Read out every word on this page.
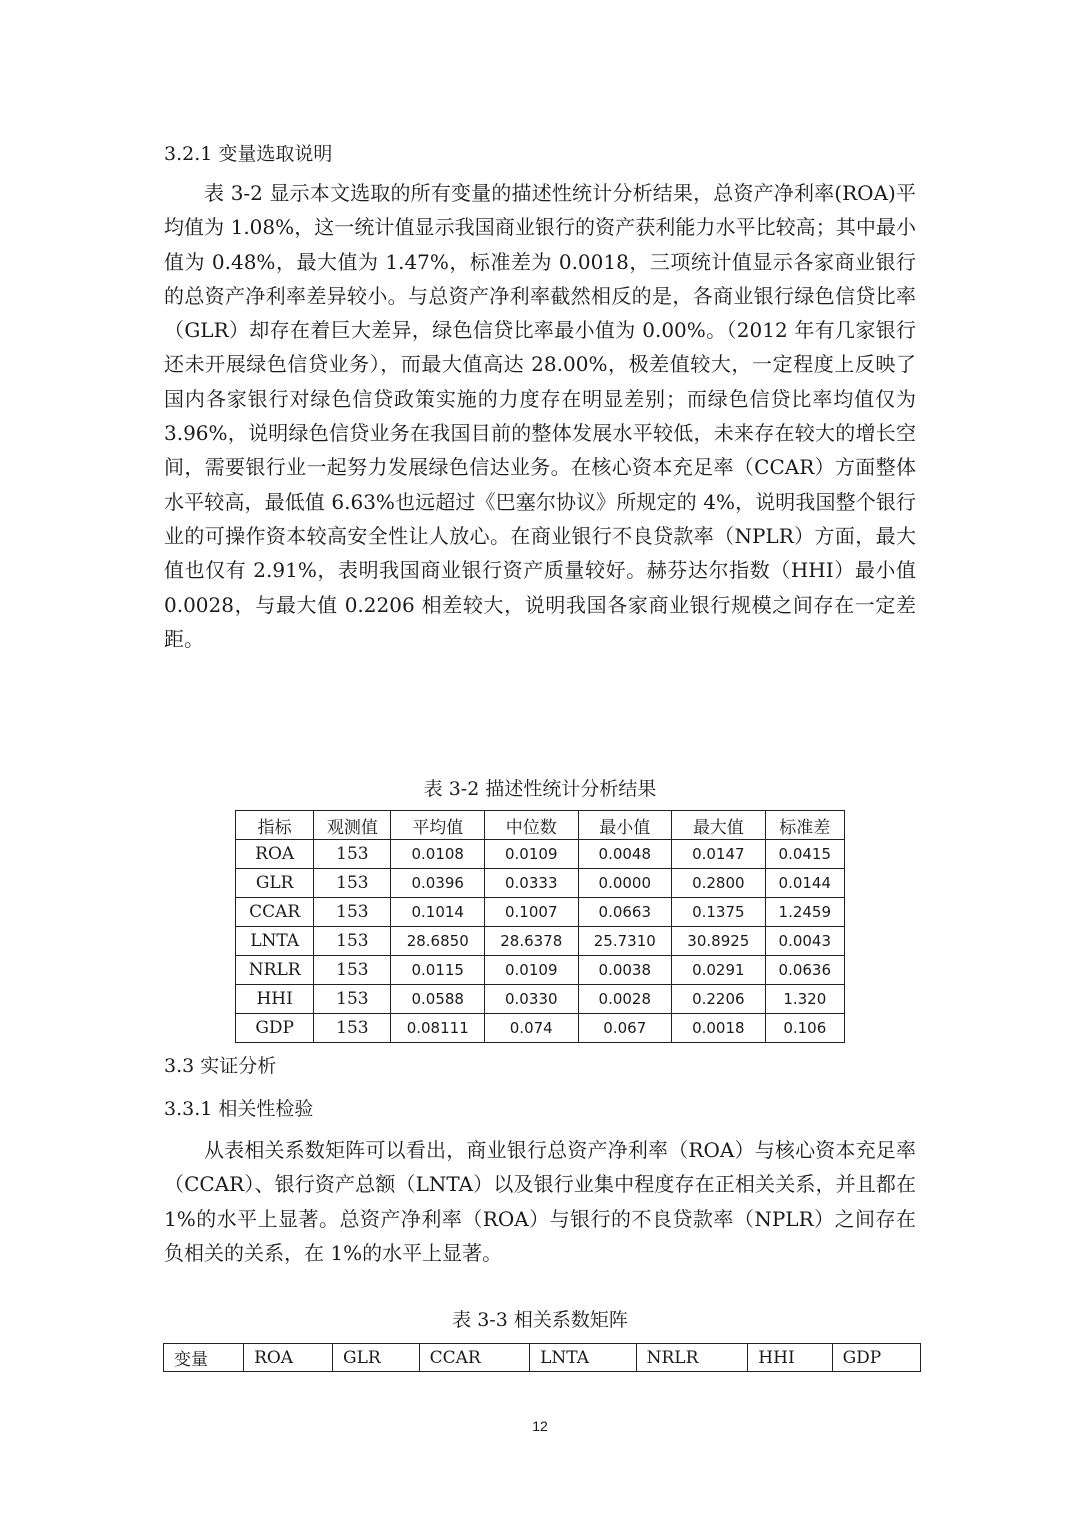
3.2.1 变量选取说明

表 3-2 显示本文选取的所有变量的描述性统计分析结果，总资产净利率(ROA)平均值为 1.08%，这一统计值显示我国商业银行的资产获利能力水平比较高；其中最小值为 0.48%，最大值为 1.47%，标准差为 0.0018，三项统计值显示各家商业银行的总资产净利率差异较小。与总资产净利率截然相反的是，各商业银行绿色信贷比率（GLR）却存在着巨大差异，绿色信贷比率最小值为 0.00%。（2012 年有几家银行还未开展绿色信贷业务），而最大值高达 28.00%，极差值较大，一定程度上反映了国内各家银行对绿色信贷政策实施的力度存在明显差别；而绿色信贷比率均值仅为 3.96%，说明绿色信贷业务在我国目前的整体发展水平较低，未来存在较大的增长空间，需要银行业一起努力发展绿色信达业务。在核心资本充足率（CCAR）方面整体水平较高，最低值 6.63%也远超过《巴塞尔协议》所规定的 4%，说明我国整个银行业的可操作资本较高安全性让人放心。在商业银行不良贷款率（NPLR）方面，最大值也仅有 2.91%，表明我国商业银行资产质量较好。赫芬达尔指数（HHI）最小值 0.0028，与最大值 0.2206 相差较大，说明我国各家商业银行规模之间存在一定差距。

表 3-2 描述性统计分析结果
指标	观测值	平均值	中位数	最小值	最大值	标准差
ROA	153	0.0108	0.0109	0.0048	0.0147	0.0415
GLR	153	0.0396	0.0333	0.0000	0.2800	0.0144
CCAR	153	0.1014	0.1007	0.0663	0.1375	1.2459
LNTA	153	28.6850	28.6378	25.7310	30.8925	0.0043
NRLR	153	0.0115	0.0109	0.0038	0.0291	0.0636
HHI	153	0.0588	0.0330	0.0028	0.2206	1.320
GDP	153	0.08111	0.074	0.067	0.0018	0.106
3.3 实证分析
3.3.1 相关性检验

从表相关系数矩阵可以看出，商业银行总资产净利率（ROA）与核心资本充足率（CCAR）、银行资产总额（LNTA）以及银行业集中程度存在正相关关系，并且都在 1%的水平上显著。总资产净利率（ROA）与银行的不良贷款率（NPLR）之间存在负相关的关系，在 1%的水平上显著。

表 3-3 相关系数矩阵
变量	ROA	GLR	CCAR	LNTA	NRLR	HHI	GDP
12
